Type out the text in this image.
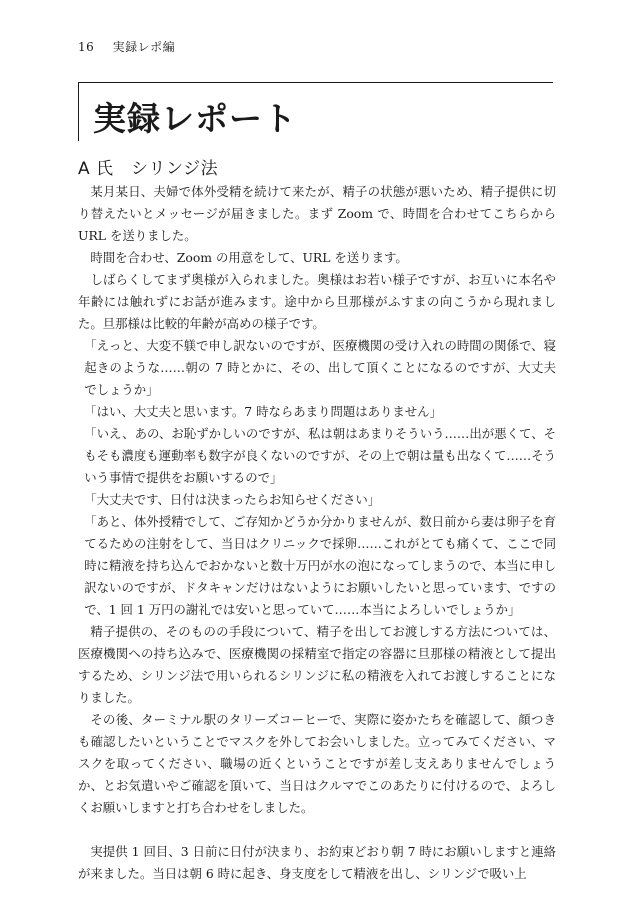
16 実録レポ編
実録レポート
A 氏　シリンジ法

某月某日、夫婦で体外受精を続けて来たが、精子の状態が悪いため、精子提供に切り替えたいとメッセージが届きました。まず Zoom で、時間を合わせてこちらから URL を送りました。

時間を合わせ、Zoom の用意をして、URL を送ります。

しばらくしてまず奥様が入られました。奥様はお若い様子ですが、お互いに本名や年齢には触れずにお話が進みます。途中から旦那様がふすまの向こうから現れました。旦那様は比較的年齢が高めの様子です。

「えっと、大変不躾で申し訳ないのですが、医療機関の受け入れの時間の関係で、寝起きのような……朝の 7 時とかに、その、出して頂くことになるのですが、大丈夫でしょうか」

「はい、大丈夫と思います。7 時ならあまり問題はありません」

「いえ、あの、お恥ずかしいのですが、私は朝はあまりそういう……出が悪くて、そもそも濃度も運動率も数字が良くないのですが、その上で朝は量も出なくて……そういう事情で提供をお願いするので」

「大丈夫です、日付は決まったらお知らせください」

「あと、体外授精でして、ご存知かどうか分かりませんが、数日前から妻は卵子を育てるための注射をして、当日はクリニックで採卵……これがとても痛くて、ここで同時に精液を持ち込んでおかないと数十万円が水の泡になってしまうので、本当に申し訳ないのですが、ドタキャンだけはないようにお願いしたいと思っています、ですので、1 回 1 万円の謝礼では安いと思っていて……本当によろしいでしょうか」

精子提供の、そのものの手段について、精子を出してお渡しする方法については、医療機関への持ち込みで、医療機関の採精室で指定の容器に旦那様の精液として提出するため、シリンジ法で用いられるシリンジに私の精液を入れてお渡しすることになりました。

その後、ターミナル駅のタリーズコーヒーで、実際に姿かたちを確認して、顔つきも確認したいということでマスクを外してお会いしました。立ってみてください、マスクを取ってください、職場の近くということですが差し支えありませんでしょうか、とお気遣いやご確認を頂いて、当日はクルマでこのあたりに付けるので、よろしくお願いしますと打ち合わせをしました。

実提供 1 回目、3 日前に日付が決まり、お約束どおり朝 7 時にお願いしますと連絡が来ました。当日は朝 6 時に起き、身支度をして精液を出し、シリンジで吸い上
